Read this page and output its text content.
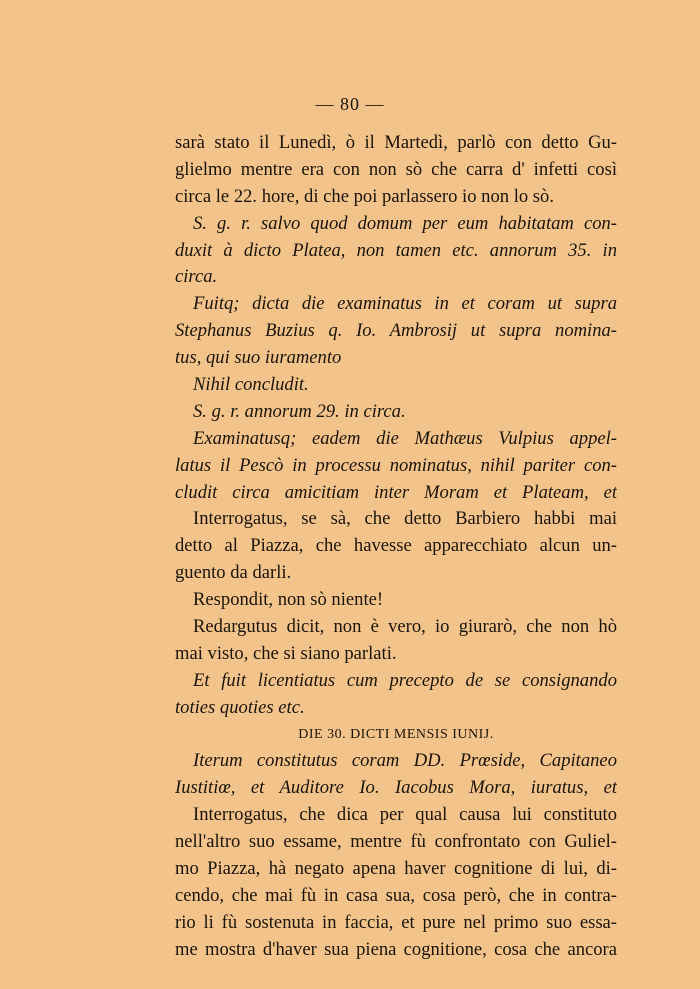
— 80 —
sarà stato il Lunedì, ò il Martedì, parlò con detto Gu-
glielmo mentre era con non sò che carra d' infetti così
circa le 22. hore, di che poi parlassero io non lo sò.
S. g. r. salvo quod domum per eum habitatam con-
duxit à dicto Platea, non tamen etc. annorum 35. in
circa.
Fuitq; dicta die examinatus in et coram ut supra
Stephanus Buzius q. Io. Ambrosij ut supra nomina-
tus, qui suo iuramento
Nihil concludit.
S. g. r. annorum 29. in circa.
Examinatusq; eadem die Mathæus Vulpius appel-
latus il Pescò in processu nominatus, nihil pariter con-
cludit circa amicitiam inter Moram et Plateam, et
Interrogatus, se sà, che detto Barbiero habbi mai
detto al Piazza, che havesse apparecchiato alcun un-
guento da darli.
Respondit, non sò niente!
Redargutus dicit, non è vero, io giurarò, che non hò
mai visto, che si siano parlati.
Et fuit licentiatus cum precepto de se consignando
toties quoties etc.
DIE 30. DICTI MENSIS IUNIJ.
Iterum constitutus coram DD. Prœside, Capitaneo
Iustitiœ, et Auditore Io. Iacobus Mora, iuratus, et
Interrogatus, che dica per qual causa lui constituto
nell'altro suo essame, mentre fù confrontato con Guliel-
mo Piazza, hà negato apena haver cognitione di lui, di-
cendo, che mai fù in casa sua, cosa però, che in contra-
rio li fù sostenuta in faccia, et pure nel primo suo essa-
me mostra d'haver sua piena cognitione, cosa che ancora
